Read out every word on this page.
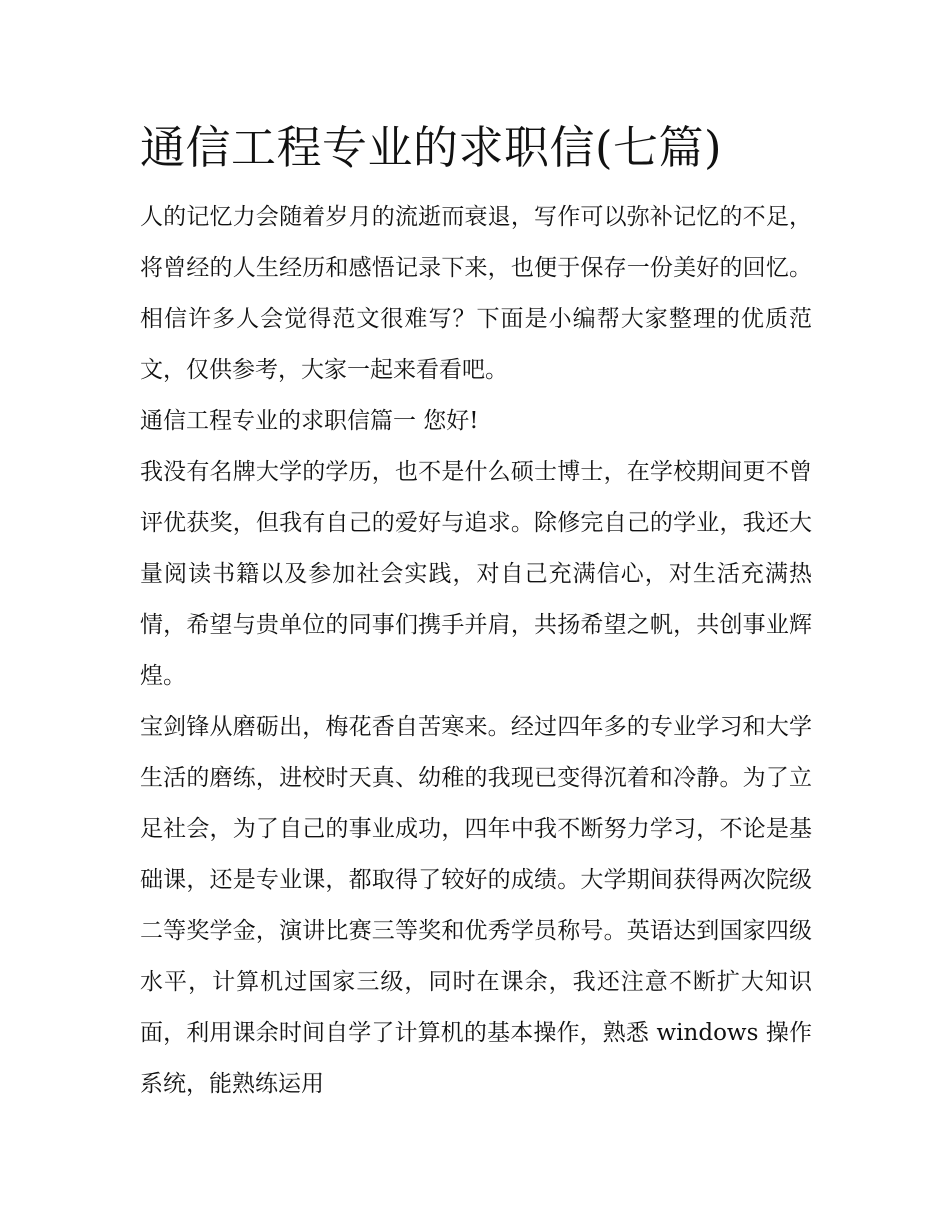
通信工程专业的求职信(七篇)

人的记忆力会随着岁月的流逝而衰退，写作可以弥补记忆的不足，将曾经的人生经历和感悟记录下来，也便于保存一份美好的回忆。相信许多人会觉得范文很难写？下面是小编帮大家整理的优质范文，仅供参考，大家一起来看看吧。

通信工程专业的求职信篇一 您好!

我没有名牌大学的学历，也不是什么硕士博士，在学校期间更不曾评优获奖，但我有自己的爱好与追求。除修完自己的学业，我还大量阅读书籍以及参加社会实践，对自己充满信心，对生活充满热情，希望与贵单位的同事们携手并肩，共扬希望之帆，共创事业辉煌。

宝剑锋从磨砺出，梅花香自苦寒来。经过四年多的专业学习和大学生活的磨练，进校时天真、幼稚的我现已变得沉着和冷静。为了立足社会，为了自己的事业成功，四年中我不断努力学习，不论是基础课，还是专业课，都取得了较好的成绩。大学期间获得两次院级二等奖学金，演讲比赛三等奖和优秀学员称号。英语达到国家四级水平，计算机过国家三级，同时在课余，我还注意不断扩大知识面，利用课余时间自学了计算机的基本操作，熟悉 windows 操作系统，能熟练运用
